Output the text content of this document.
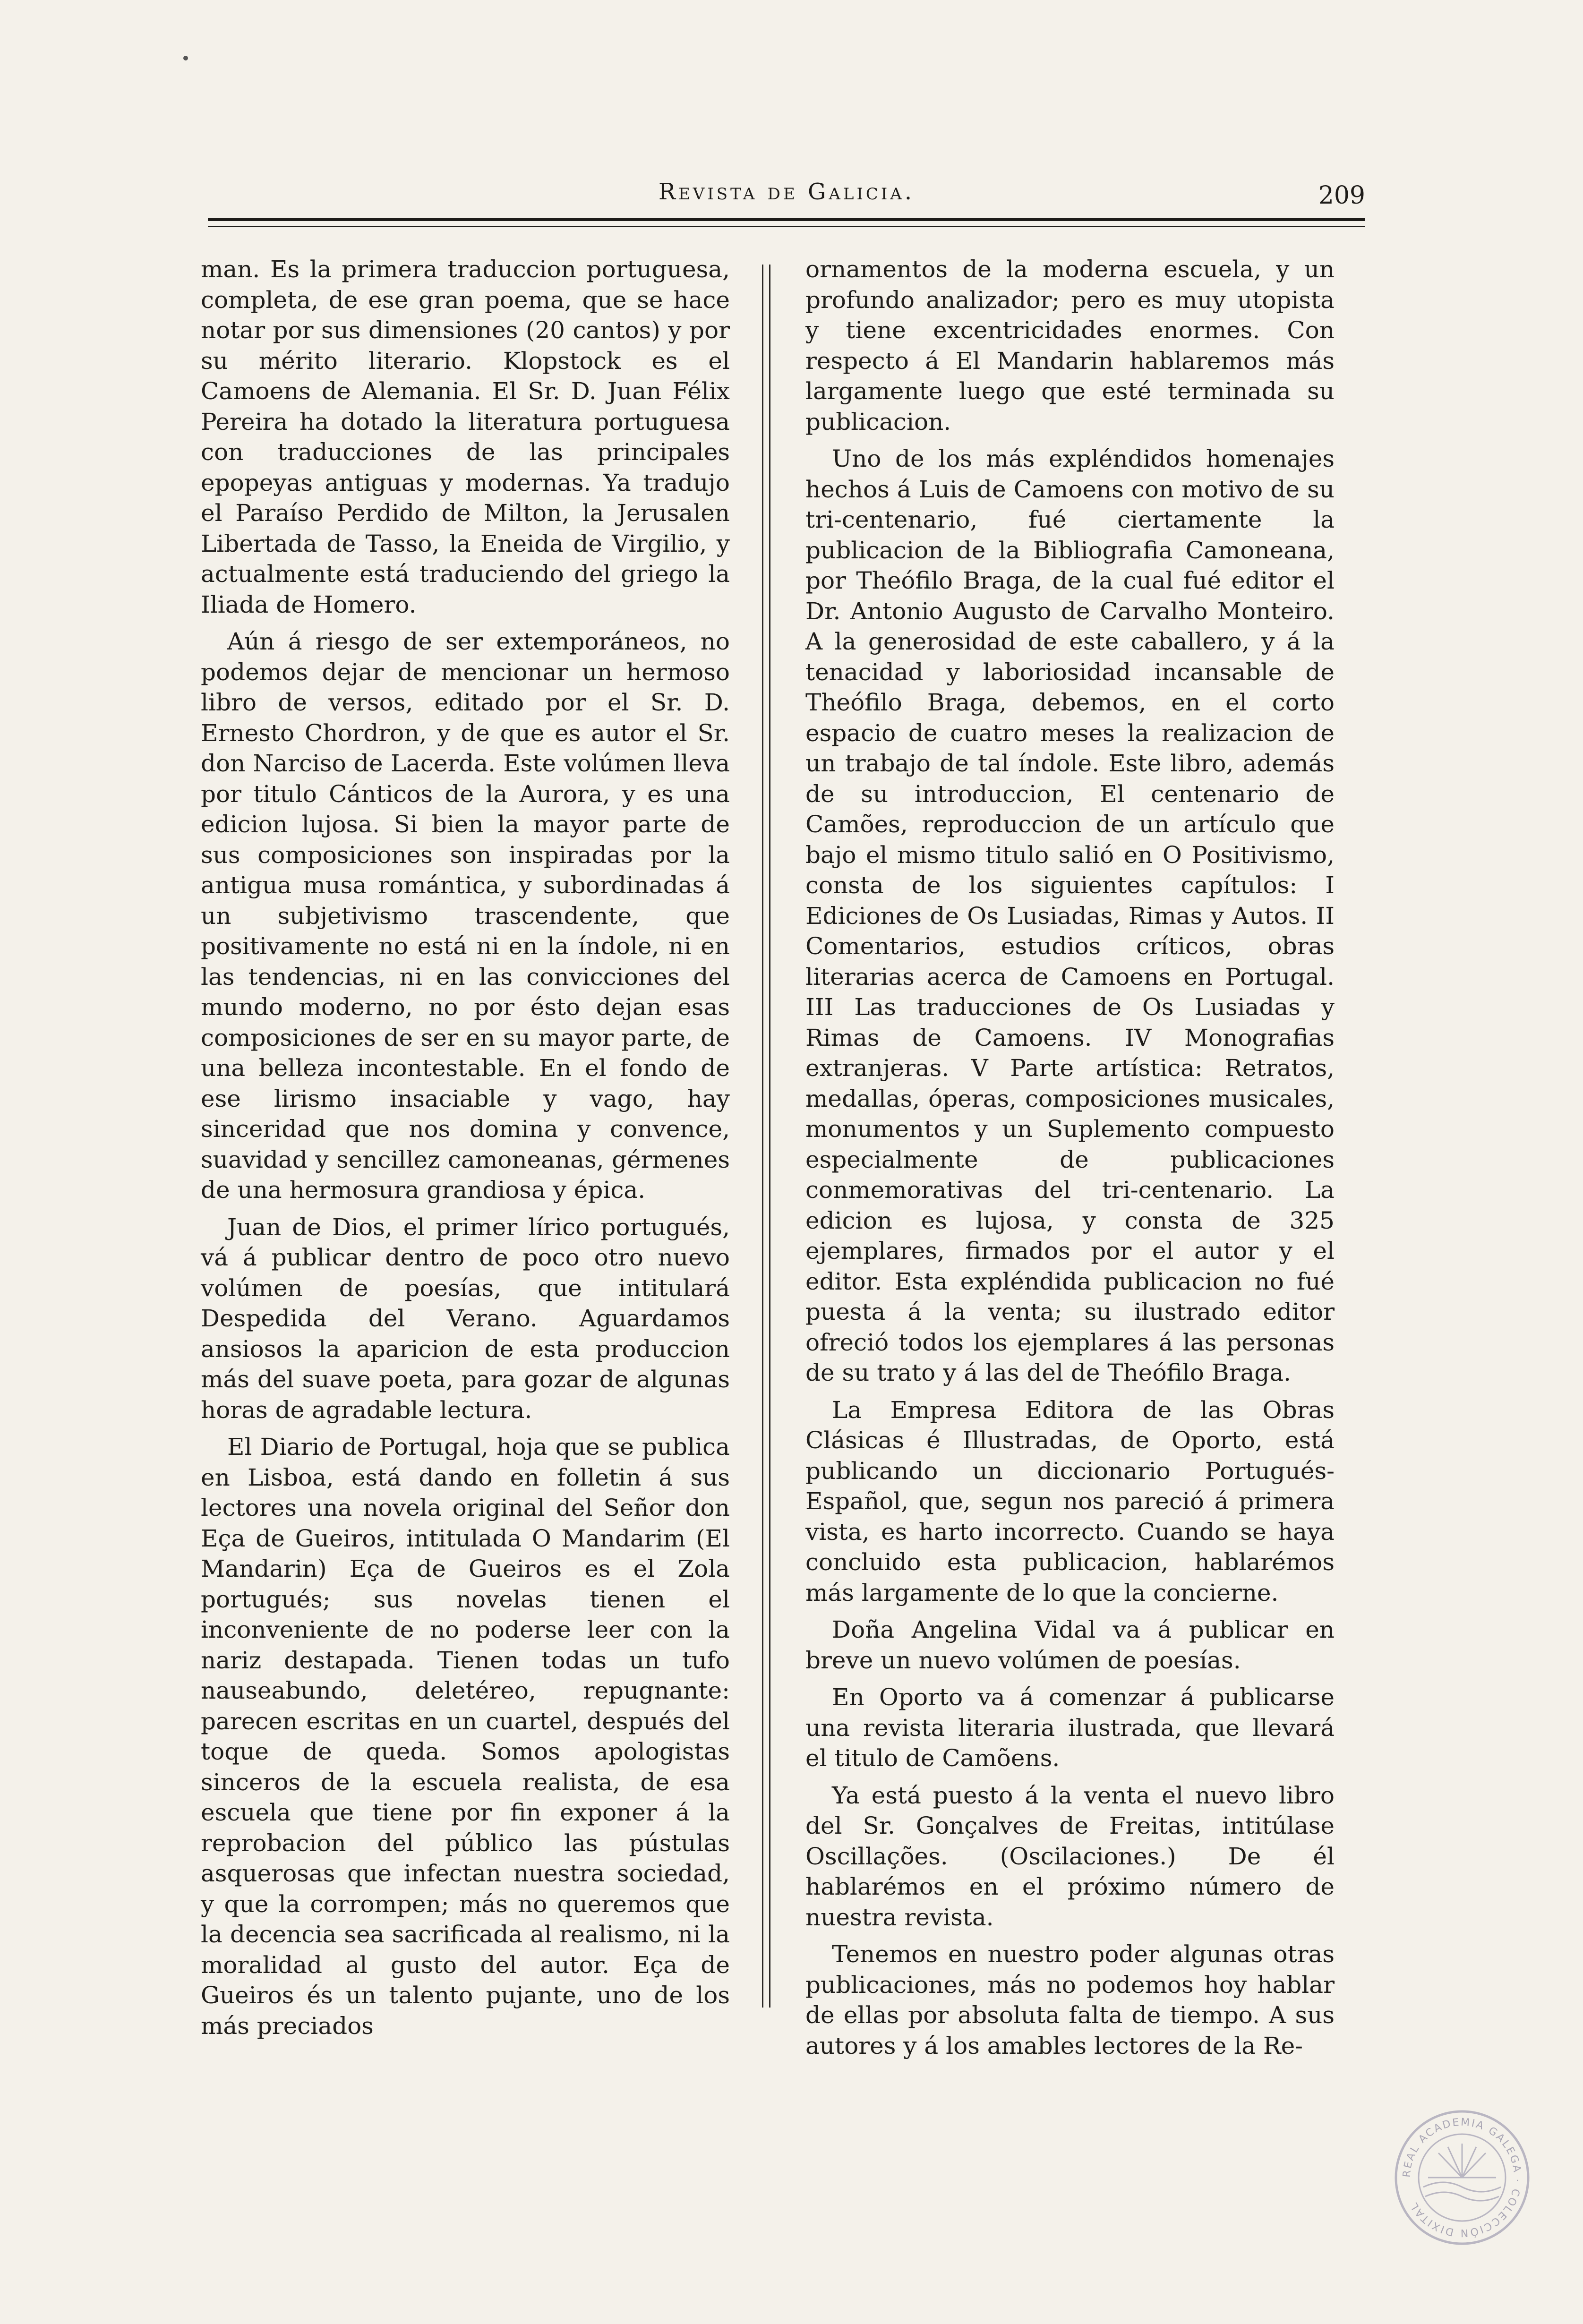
Revista de Galicia.	209

man. Es la primera traduccion portuguesa, completa, de ese gran poema, que se hace notar por sus dimensiones (20 cantos) y por su mérito literario. Klopstock es el Camoens de Alemania. El Sr. D. Juan Félix Pereira ha dotado la literatura portuguesa con traducciones de las principales epopeyas antiguas y modernas. Ya tradujo el Paraíso Perdido de Milton, la Jerusalen Libertada de Tasso, la Eneida de Virgilio, y actualmente está traduciendo del griego la Iliada de Homero.

Aún á riesgo de ser extemporáneos, no podemos dejar de mencionar un hermoso libro de versos, editado por el Sr. D. Ernesto Chordron, y de que es autor el Sr. don Narciso de Lacerda. Este volúmen lleva por titulo Cánticos de la Aurora, y es una edicion lujosa. Si bien la mayor parte de sus composiciones son inspiradas por la antigua musa romántica, y subordinadas á un subjetivismo trascendente, que positivamente no está ni en la índole, ni en las tendencias, ni en las convicciones del mundo moderno, no por ésto dejan esas composiciones de ser en su mayor parte, de una belleza incontestable. En el fondo de ese lirismo insaciable y vago, hay sinceridad que nos domina y convence, suavidad y sencillez camoneanas, gérmenes de una hermosura grandiosa y épica.

Juan de Dios, el primer lírico portugués, vá á publicar dentro de poco otro nuevo volúmen de poesías, que intitulará Despedida del Verano. Aguardamos ansiosos la aparicion de esta produccion más del suave poeta, para gozar de algunas horas de agradable lectura.

El Diario de Portugal, hoja que se publica en Lisboa, está dando en folletin á sus lectores una novela original del Señor don Eça de Gueiros, intitulada O Mandarim (El Mandarin) Eça de Gueiros es el Zola portugués; sus novelas tienen el inconveniente de no poderse leer con la nariz destapada. Tienen todas un tufo nauseabundo, deletéreo, repugnante: parecen escritas en un cuartel, después del toque de queda. Somos apologistas sinceros de la escuela realista, de esa escuela que tiene por fin exponer á la reprobacion del público las pústulas asquerosas que infectan nuestra sociedad, y que la corrompen; más no queremos que la decencia sea sacrificada al realismo, ni la moralidad al gusto del autor. Eça de Gueiros és un talento pujante, uno de los más preciados

ornamentos de la moderna escuela, y un profundo analizador; pero es muy utopista y tiene excentricidades enormes. Con respecto á El Mandarin hablaremos más largamente luego que esté terminada su publicacion.

Uno de los más expléndidos homenajes hechos á Luis de Camoens con motivo de su tri-centenario, fué ciertamente la publicacion de la Bibliografia Camoneana, por Theófilo Braga, de la cual fué editor el Dr. Antonio Augusto de Carvalho Monteiro. A la generosidad de este caballero, y á la tenacidad y laboriosidad incansable de Theófilo Braga, debemos, en el corto espacio de cuatro meses la realizacion de un trabajo de tal índole. Este libro, además de su introduccion, El centenario de Camões, reproduccion de un artículo que bajo el mismo titulo salió en O Positivismo, consta de los siguientes capítulos: I Ediciones de Os Lusiadas, Rimas y Autos. II Comentarios, estudios críticos, obras literarias acerca de Camoens en Portugal. III Las traducciones de Os Lusiadas y Rimas de Camoens. IV Monografias extranjeras. V Parte artística: Retratos, medallas, óperas, composiciones musicales, monumentos y un Suplemento compuesto especialmente de publicaciones conmemorativas del tri-centenario. La edicion es lujosa, y consta de 325 ejemplares, firmados por el autor y el editor. Esta expléndida publicacion no fué puesta á la venta; su ilustrado editor ofreció todos los ejemplares á las personas de su trato y á las del de Theófilo Braga.

La Empresa Editora de las Obras Clásicas é Illustradas, de Oporto, está publicando un diccionario Portugués-Español, que, segun nos pareció á primera vista, es harto incorrecto. Cuando se haya concluido esta publicacion, hablarémos más largamente de lo que la concierne.

Doña Angelina Vidal va á publicar en breve un nuevo volúmen de poesías.

En Oporto va á comenzar á publicarse una revista literaria ilustrada, que llevará el titulo de Camõens.

Ya está puesto á la venta el nuevo libro del Sr. Gonçalves de Freitas, intitúlase Oscillações. (Oscilaciones.) De él hablarémos en el próximo número de nuestra revista.

Tenemos en nuestro poder algunas otras publicaciones, más no podemos hoy hablar de ellas por absoluta falta de tiempo. A sus autores y á los amables lectores de la Re-

REAL ACADEMIA GALEGA · COLECCIÓN DIXITAL
